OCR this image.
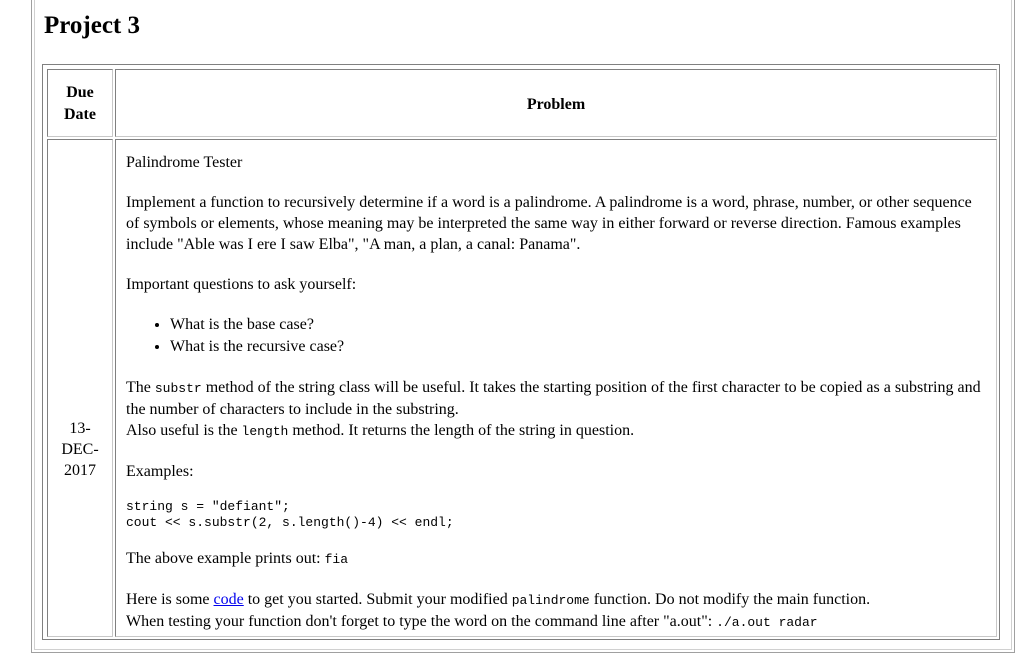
Project 3
Due
Date
Problem
13-
DEC-
2017

Palindrome Tester

Implement a function to recursively determine if a word is a palindrome. A palindrome is a word, phrase, number, or other sequence of symbols or elements, whose meaning may be interpreted the same way in either forward or reverse direction. Famous examples include "Able was I ere I saw Elba", "A man, a plan, a canal: Panama".

Important questions to ask yourself:

• What is the base case?
• What is the recursive case?

The substr method of the string class will be useful. It takes the starting position of the first character to be copied as a substring and the number of characters to include in the substring.
Also useful is the length method. It returns the length of the string in question.

Examples:

string s = "defiant";
cout << s.substr(2, s.length()-4) << endl;

The above example prints out: fia

Here is some code to get you started. Submit your modified palindrome function. Do not modify the main function.
When testing your function don't forget to type the word on the command line after "a.out": ./a.out radar
